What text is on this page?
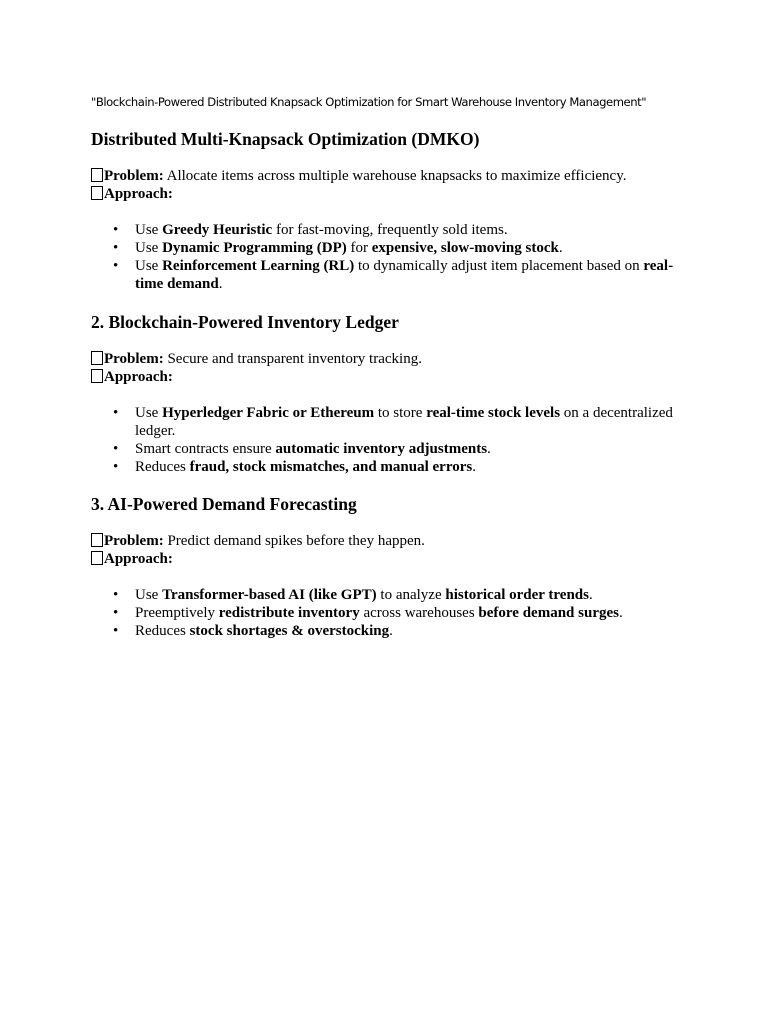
"Blockchain-Powered Distributed Knapsack Optimization for Smart Warehouse Inventory Management"
Distributed Multi-Knapsack Optimization (DMKO)

Problem: Allocate items across multiple warehouse knapsacks to maximize efficiency.

Approach:

• Use Greedy Heuristic for fast-moving, frequently sold items.
• Use Dynamic Programming (DP) for expensive, slow-moving stock.
• Use Reinforcement Learning (RL) to dynamically adjust item placement based on real-time demand.
2. Blockchain-Powered Inventory Ledger

Problem: Secure and transparent inventory tracking.

Approach:

• Use Hyperledger Fabric or Ethereum to store real-time stock levels on a decentralized ledger.
• Smart contracts ensure automatic inventory adjustments.
• Reduces fraud, stock mismatches, and manual errors.
3. AI-Powered Demand Forecasting

Problem: Predict demand spikes before they happen.

Approach:

• Use Transformer-based AI (like GPT) to analyze historical order trends.
• Preemptively redistribute inventory across warehouses before demand surges.
• Reduces stock shortages & overstocking.
